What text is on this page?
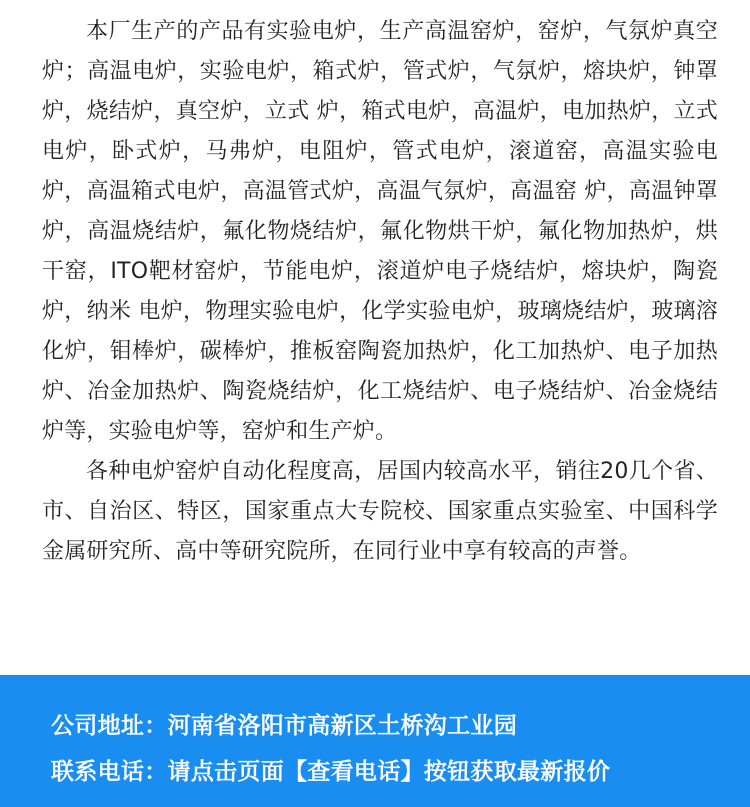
本厂生产的产品有实验电炉，生产高温窑炉，窑炉，气氛炉真空炉；高温电炉，实验电炉，箱式炉，管式炉，气氛炉，熔块炉，钟罩炉，烧结炉，真空炉，立式 炉，箱式电炉，高温炉，电加热炉，立式电炉，卧式炉，马弗炉，电阻炉，管式电炉，滚道窑，高温实验电炉，高温箱式电炉，高温管式炉，高温气氛炉，高温窑 炉，高温钟罩炉，高温烧结炉，氟化物烧结炉，氟化物烘干炉，氟化物加热炉，烘干窑，ITO靶材窑炉，节能电炉，滚道炉电子烧结炉，熔块炉，陶瓷炉，纳米 电炉，物理实验电炉，化学实验电炉，玻璃烧结炉，玻璃溶化炉，钼棒炉，碳棒炉，推板窑陶瓷加热炉，化工加热炉、电子加热炉、冶金加热炉、陶瓷烧结炉，化工烧结炉、电子烧结炉、冶金烧结炉等，实验电炉等，窑炉和生产炉。

各种电炉窑炉自动化程度高，居国内较高水平，销往20几个省、市、自治区、特区，国家重点大专院校、国家重点实验室、中国科学金属研究所、高中等研究院所，在同行业中享有较高的声誉。

公司地址：河南省洛阳市高新区土桥沟工业园
联系电话：请点击页面【查看电话】按钮获取最新报价
